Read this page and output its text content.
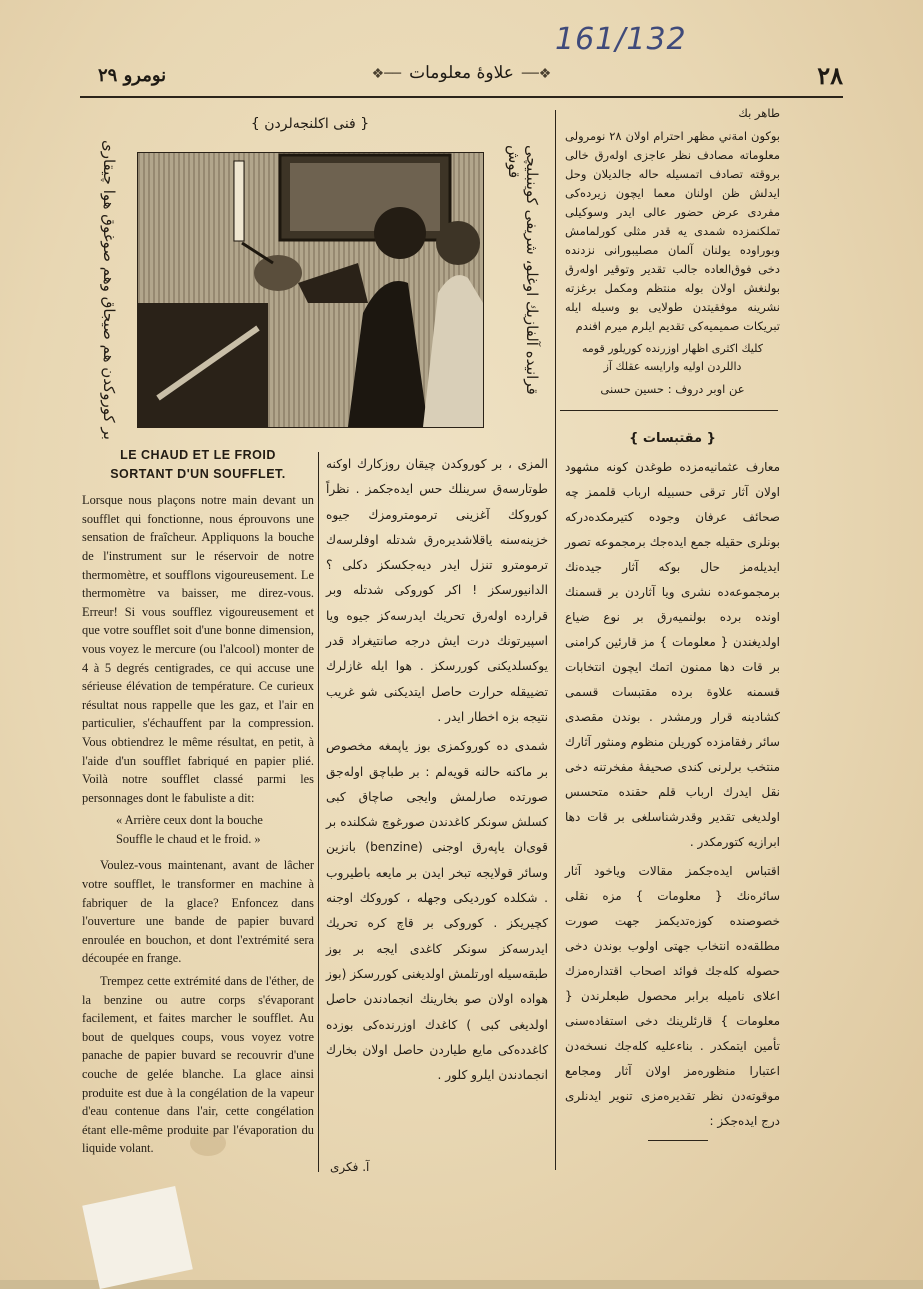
161/132
نومرو ٢٩	❖──علاوۀ معلومات──❖	٢٨
طاهر بك
بوكون امة‌ني مظهر احترام اولان ٢٨ نومرولی معلوماته مصادف نظر عاجزی اوله‌رق خالی بروقته تصادف اتمسیله حاله جالدیلان وحل ایدلش ظن اولنان معما ایچون زیرده‌كی مفردی عرض حضور عالی ایدر وسوكیلی تملكنمزده شمدی یه قدر مثلی كورلمامش وبوراوده یولنان آلمان مصلیبورانی نزدنده دخی فوق‌العاده جالب تقدیر وتوقیر اوله‌رق بولنغش اولان بوله منتظم ومكمل برغزته نشرینه موفقیتدن طولایی بو وسیله ایله تبریكات صمیمیه‌كی تقدیم ایلرم میرم افندم
كلیك اكثری اظهار اوزرنده كوریلور قومه داللردن اولیه وارایسه عقلك آز
عن اوبر دروف : حسین حسنی
{ مقتبسات }
معارف عثمانیه‌مزده طوغدن كونه مشهود اولان آثار ترقی حسبیله ارباب قلممز چه صحائف عرفان وجوده كتیرمكده‌دركه بونلری حقیله جمع ایده‌جك برمجموعه تصور ایدیله‌مز حال بوكه آثار جیده‌نك برمجموعه‌ده نشری ویا آثاردن بر قسمنك اونده برده بولنمیه‌رق بر نوع ضیاع اولدیغندن { معلومات } مز قارئین كرامنی بر قات دها ممنون اتمك ایچون انتخابات قسمنه علاوة برده مقتبسات قسمی كشادینه قرار ورمشدر . بوندن مقصدی سائر رفقامزده كوریلن منظوم ومنثور آثارك منتخب برلرنی كندی صحیفۀ مفخرتنه دخی نقل ایدرك ارباب قلم حقنده متحسس اولدیغی تقدیر وقدرشناسلغی بر قات دها ابرازیه كتورمكدر .
اقتباس ایده‌جكمز مقالات ویاخود آثار سائره‌نك { معلومات } مزه نقلی خصوصنده كوزه‌تدیكمز جهت صورت مطلقه‌ده انتخاب جهتی اولوب بوندن دخی حصوله كله‌جك فوائد اصحاب اقتداره‌مزك اعلای نامیله برابر محصول طبعلرندن { معلومات } قارئلرینك دخی استفاده‌سنی تأمین ایتمكدر . بناءعلیه كله‌جك نسخه‌دن اعتبارا منظوره‌مز اولان آثار ومجامع موقوته‌دن نظر تقدیره‌مزی تنویر ایدنلری درج ایده‌جكز :
{ فنی اكلنجه‌لردن }
قرانیده آلفازیك اوغلو، شریفی كوینبلیچی قوش
بر كوروكدن هم صیجاق وهم صوغوق هوا چیقاری
LE CHAUD ET LE FROID
SORTANT D'UN SOUFFLET.
Lorsque nous plaçons notre main devant un soufflet qui fonctionne, nous éprouvons une sensation de fraîcheur. Appliquons la bouche de l'instrument sur le réservoir de notre thermomètre, et soufflons vigoureusement. Le thermomètre va baisser, me direz-vous. Erreur! Si vous soufflez vigoureusement et que votre soufflet soit d'une bonne dimension, vous voyez le mercure (ou l'alcool) monter de 4 à 5 degrés centigrades, ce qui accuse une sérieuse élévation de température. Ce curieux résultat nous rappelle que les gaz, et l'air en particulier, s'échauffent par la compression. Vous obtiendrez le même résultat, en petit, à l'aide d'un soufflet fabriqué en papier plié. Voilà notre soufflet classé parmi les personnages dont le fabuliste a dit:
« Arrière ceux dont la bouche
Souffle le chaud et le froid. »
Voulez-vous maintenant, avant de lâcher votre soufflet, le transformer en machine à fabriquer de la glace? Enfoncez dans l'ouverture une bande de papier buvard enroulée en bouchon, et dont l'extrémité sera découpée en frange.
Trempez cette extrémité dans de l'éther, de la benzine ou autre corps s'évaporant facilement, et faites marcher le soufflet. Au bout de quelques coups, vous voyez votre panache de papier buvard se recouvrir d'une couche de gelée blanche. La glace ainsi produite est due à la congélation de la vapeur d'eau contenue dans l'air, cette congélation étant elle-même produite par l'évaporation du liquide volant.
المزی ، بر كوروكدن چیقان روزكارك اوكنه طوتارسه‌ق سرینلك حس ایده‌جكمز . نظراً كوروكك آغزینی ترمومترومزك جیوه خزینه‌سنه یاقلاشدیره‌رق شدتله اوفلرسه‌ك ترمومترو تنزل ایدر دیه‌جكسكز دكلی ؟ الدانیورسكز ! اكر كوروكی شدتله وبر قرارده اوله‌رق تحریك ایدرسه‌كز جیوه ویا اسپیرتونك درت ایش درجه صانتیغراد قدر یوكسلدیكنی كوررسكز . هوا ایله غازلرك تضییقله حرارت حاصل ایتدیكنی شو غریب نتیجه بزه اخطار ایدر .
شمدی ده كوروكمزی بوز یاپمغه مخصوص بر ماكنه حالنه قویه‌لم : بر طباچق اوله‌جق صورتده صارلمش وایجی صاچاق كبی كسلش سونكر كاغدندن صورغوچ شكلنده بر قوی‌ان یاپه‌رق اوجنی (benzine) بانزین وسائر قولایجه تبخر ایدن بر مایعه باطیروب . شكلده كوردیكی وجهله ، كوروكك اوجنه كچیریكز . كوروكی بر قاچ كره تحریك ایدرسه‌كز سونكر كاغدی ایجه بر بوز طبقه‌سیله اورتلمش اولدیغنی كوررسكز (بوز هواده اولان صو بخارینك انجمادندن حاصل اولدیغی كبی ) كاغدك اوزرنده‌كی بوزده كاغدده‌كی مایع طیاردن حاصل اولان بخارك انجمادندن ایلرو كلور .
آ. فكری
